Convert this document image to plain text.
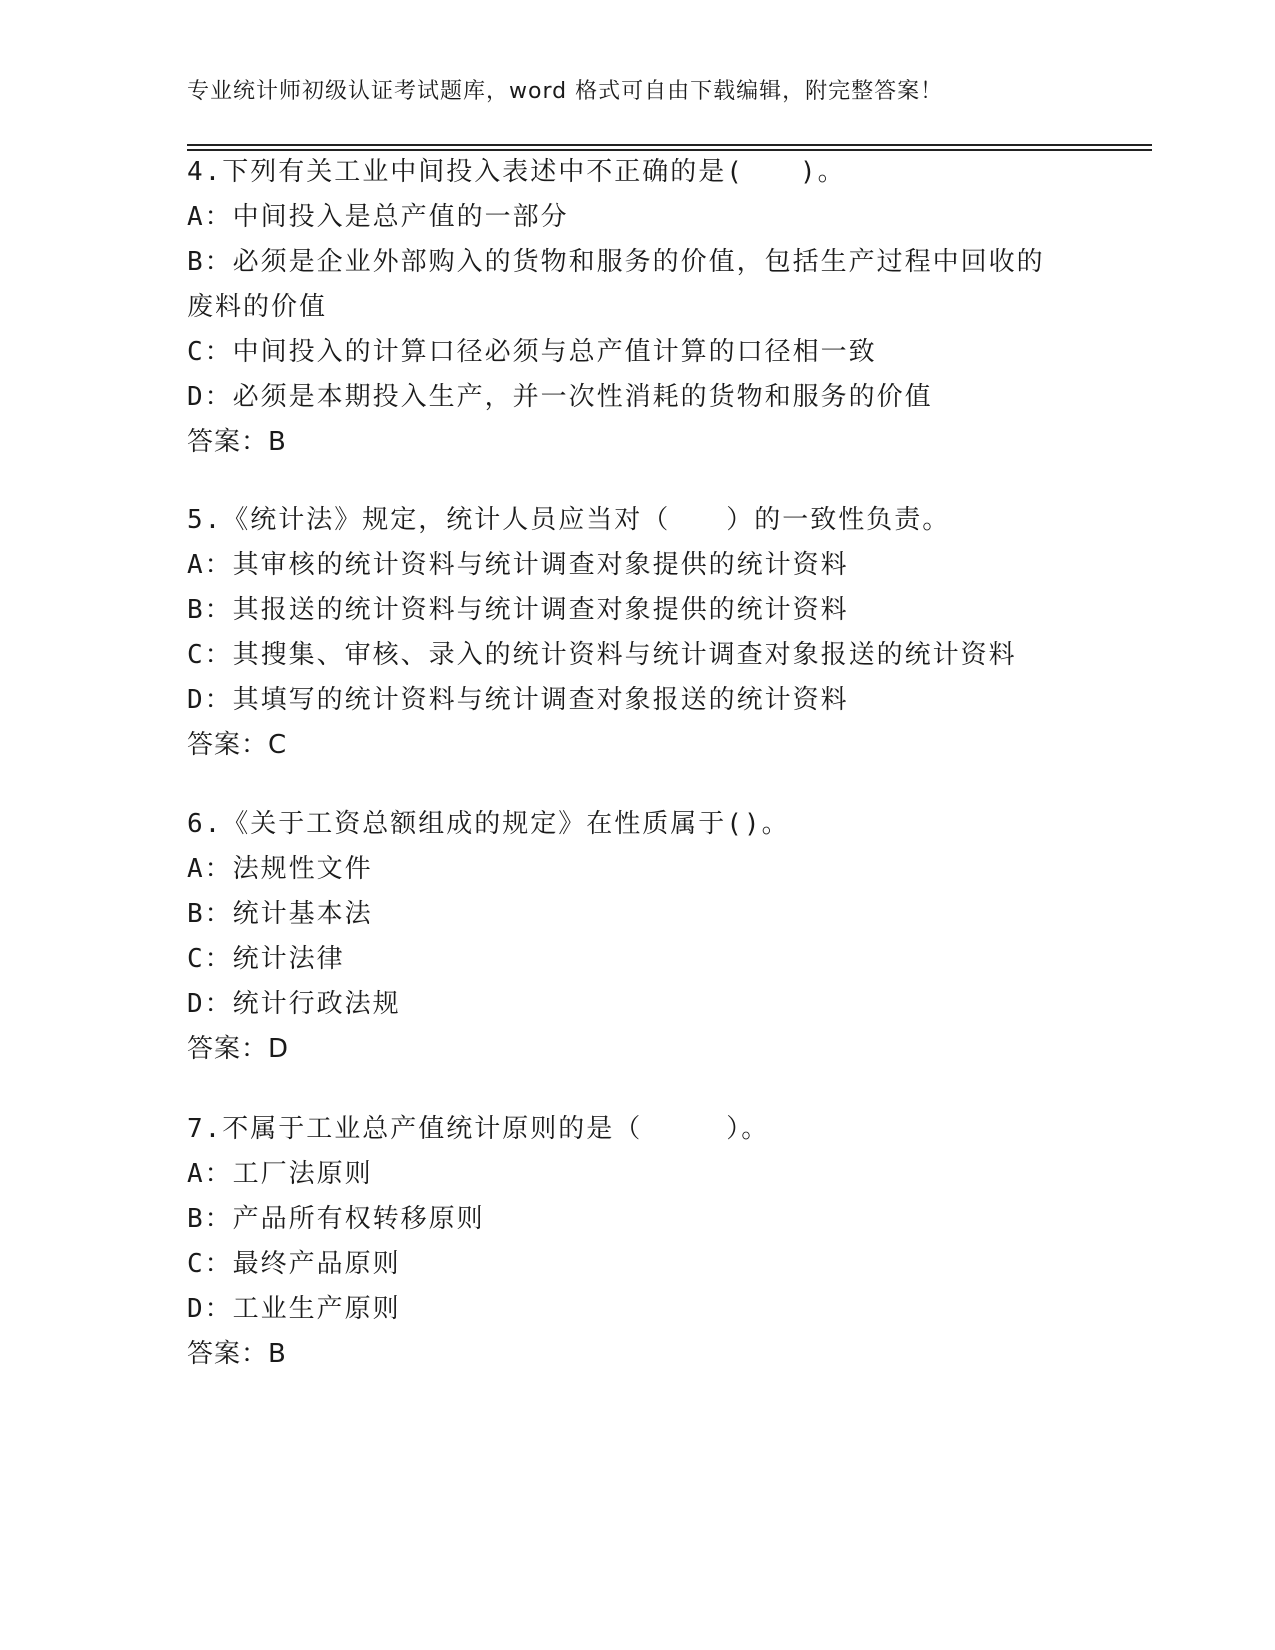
专业统计师初级认证考试题库，word 格式可自由下载编辑，附完整答案！
4.下列有关工业中间投入表述中不正确的是(　　)。
A：中间投入是总产值的一部分
B：必须是企业外部购入的货物和服务的价值，包括生产过程中回收的
废料的价值
C：中间投入的计算口径必须与总产值计算的口径相一致
D：必须是本期投入生产，并一次性消耗的货物和服务的价值
答案：B
5.《统计法》规定，统计人员应当对（　　）的一致性负责。
A：其审核的统计资料与统计调查对象提供的统计资料
B：其报送的统计资料与统计调查对象提供的统计资料
C：其搜集、审核、录入的统计资料与统计调查对象报送的统计资料
D：其填写的统计资料与统计调查对象报送的统计资料
答案：C
6.《关于工资总额组成的规定》在性质属于()。
A：法规性文件
B：统计基本法
C：统计法律
D：统计行政法规
答案：D
7.不属于工业总产值统计原则的是（　　　）。
A：工厂法原则
B：产品所有权转移原则
C：最终产品原则
D：工业生产原则
答案：B
